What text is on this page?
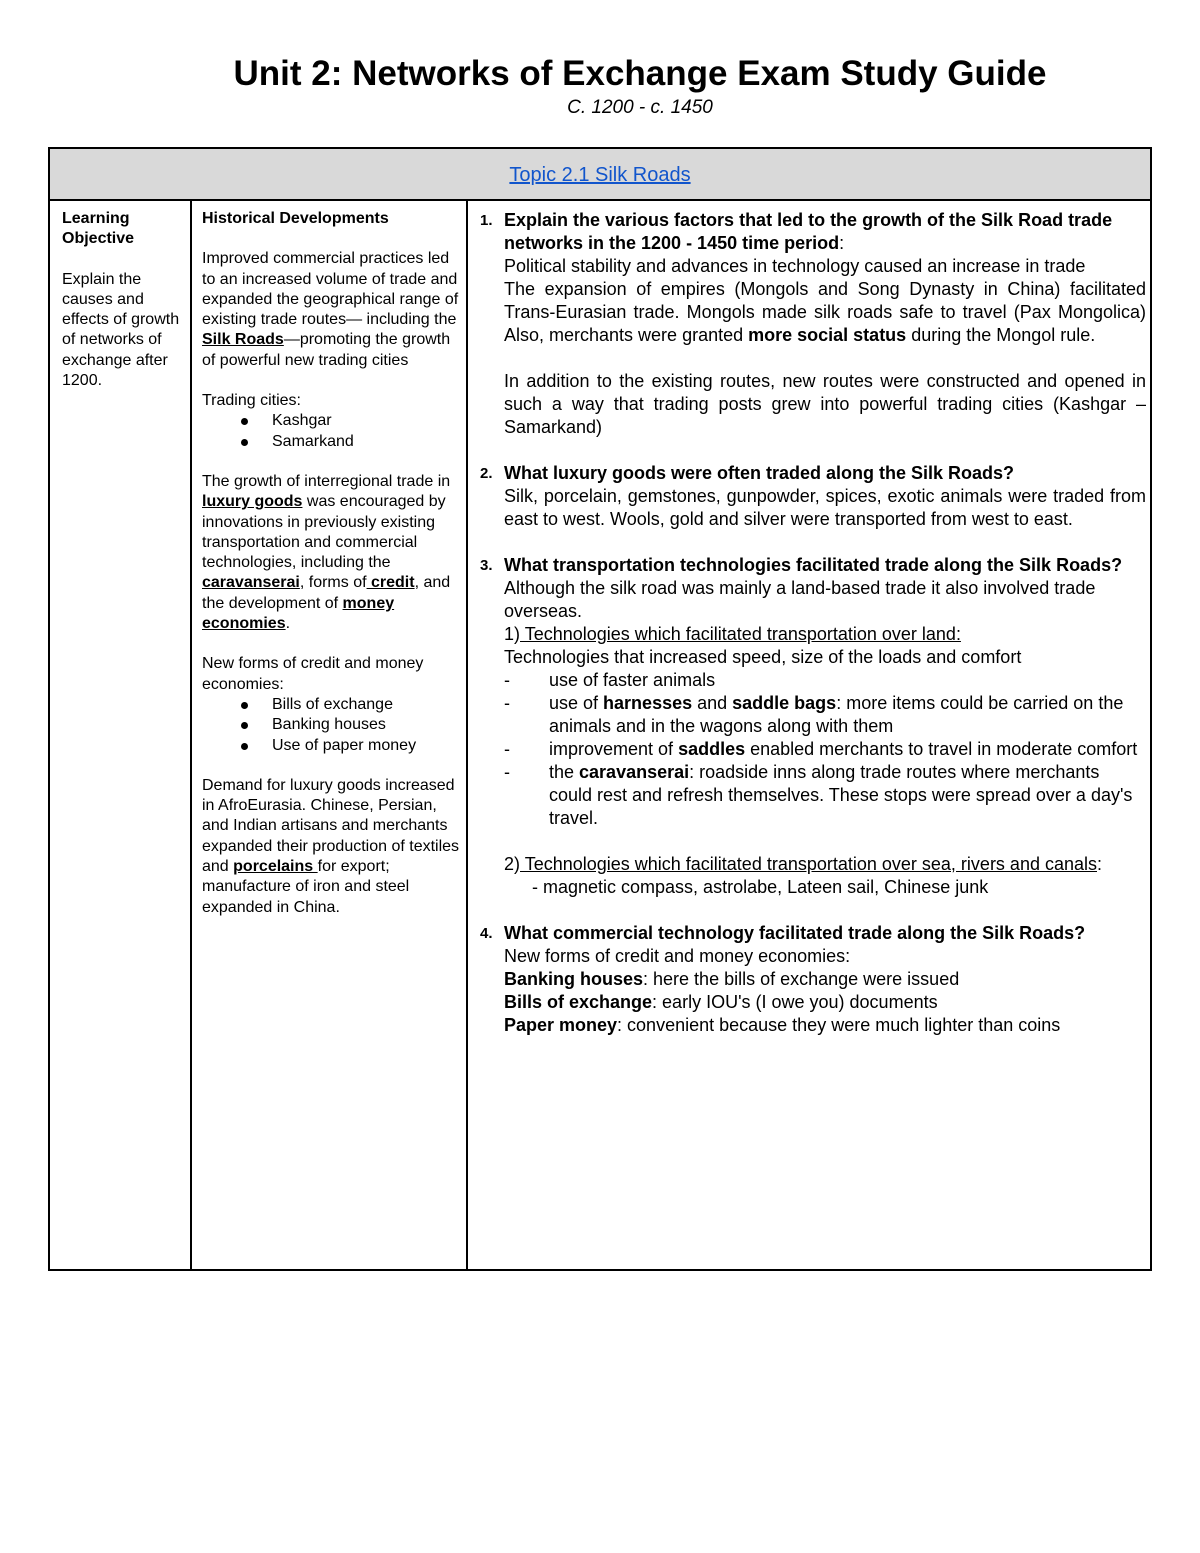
Unit 2: Networks of Exchange Exam Study Guide
C. 1200 - c. 1450
Topic 2.1 Silk Roads

Learning Objective

Explain the causes and effects of growth of networks of exchange after 1200.

Historical Developments

Improved commercial practices led to an increased volume of trade and expanded the geographical range of existing trade routes— including the Silk Roads—promoting the growth of powerful new trading cities

Trading cities:

Kashgar

Samarkand

The growth of interregional trade in luxury goods was encouraged by innovations in previously existing transportation and commercial technologies, including the caravanserai, forms of credit, and the development of money economies.

New forms of credit and money economies:

Bills of exchange

Banking houses

Use of paper money

Demand for luxury goods increased in AfroEurasia. Chinese, Persian, and Indian artisans and merchants expanded their production of textiles and porcelains for export; manufacture of iron and steel expanded in China.

1. Explain the various factors that led to the growth of the Silk Road trade networks in the 1200 - 1450 time period:

Political stability and advances in technology caused an increase in trade

The expansion of empires (Mongols and Song Dynasty in China) facilitated Trans-Eurasian trade. Mongols made silk roads safe to travel (Pax Mongolica) Also, merchants were granted more social status during the Mongol rule.

In addition to the existing routes, new routes were constructed and opened in such a way that trading posts grew into powerful trading cities (Kashgar – Samarkand)

2. What luxury goods were often traded along the Silk Roads?

Silk, porcelain, gemstones, gunpowder, spices, exotic animals were traded from east to west. Wools, gold and silver were transported from west to east.

3. What transportation technologies facilitated trade along the Silk Roads?

Although the silk road was mainly a land-based trade it also involved trade overseas.

1) Technologies which facilitated transportation over land:

Technologies that increased speed, size of the loads and comfort

- use of faster animals

- use of harnesses and saddle bags: more items could be carried on the animals and in the wagons along with them

- improvement of saddles enabled merchants to travel in moderate comfort

- the caravanserai: roadside inns along trade routes where merchants could rest and refresh themselves. These stops were spread over a day's travel.

2) Technologies which facilitated transportation over sea, rivers and canals:

- magnetic compass, astrolabe, Lateen sail, Chinese junk

4. What commercial technology facilitated trade along the Silk Roads?

New forms of credit and money economies:

Banking houses: here the bills of exchange were issued

Bills of exchange: early IOU's (I owe you) documents

Paper money: convenient because they were much lighter than coins
